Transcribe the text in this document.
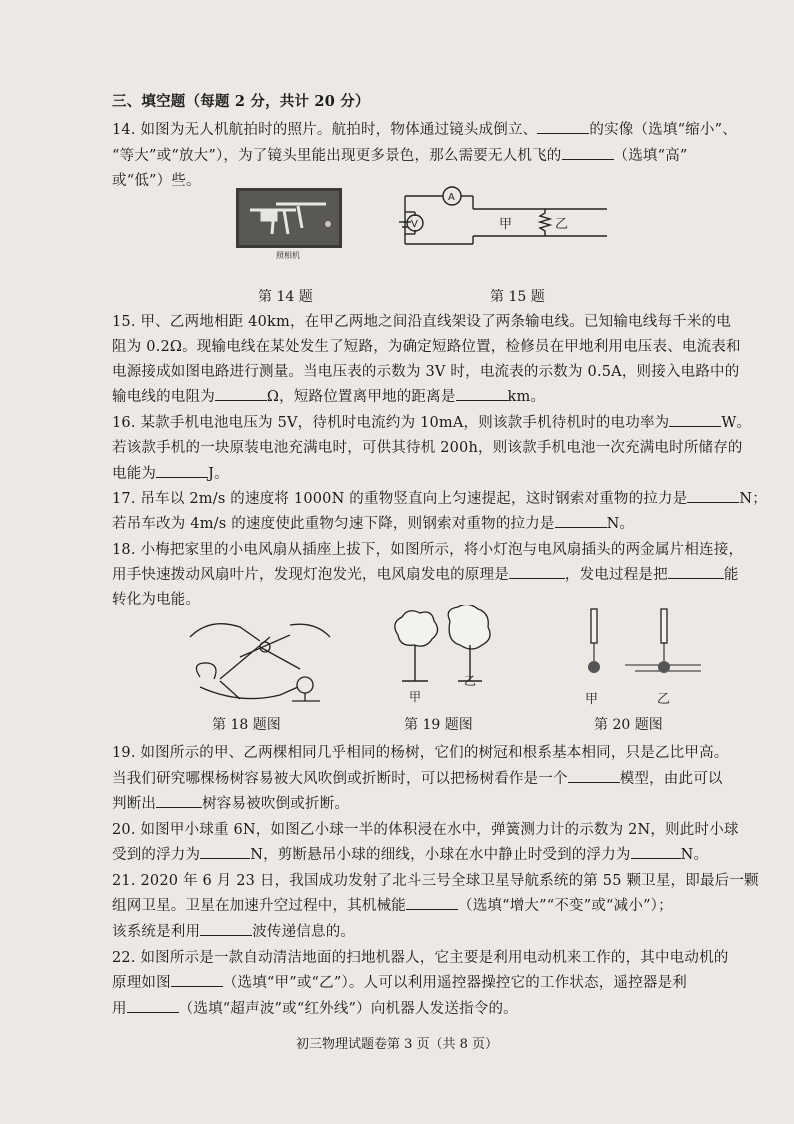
三、填空题（每题 2 分，共计 20 分）
14. 如图为无人机航拍时的照片。航拍时，物体通过镜头成倒立、	的实像（选填“缩小”、
“等大”或“放大”），为了镜头里能出现更多景色，那么需要无人机飞的	（选填“高”
或“低”）些。
照相机
A
V	甲	乙
第 14 题	第 15 题
15. 甲、乙两地相距 40km，在甲乙两地之间沿直线架设了两条输电线。已知输电线每千米的电
阻为 0.2Ω。现输电线在某处发生了短路，为确定短路位置，检修员在甲地利用电压表、电流表和
电源接成如图电路进行测量。当电压表的示数为 3V 时，电流表的示数为 0.5A，则接入电路中的
输电线的电阻为	Ω，短路位置离甲地的距离是	km。
16. 某款手机电池电压为 5V，待机时电流约为 10mA，则该款手机待机时的电功率为	W。
若该款手机的一块原装电池充满电时，可供其待机 200h，则该款手机电池一次充满电时所储存的
电能为	J。
17. 吊车以 2m/s 的速度将 1000N 的重物竖直向上匀速提起，这时钢索对重物的拉力是	N；
若吊车改为 4m/s 的速度使此重物匀速下降，则钢索对重物的拉力是	N。
18. 小梅把家里的小电风扇从插座上拔下，如图所示，将小灯泡与电风扇插头的两金属片相连接，
用手快速拨动风扇叶片，发现灯泡发光，电风扇发电的原理是	，发电过程是把	能
转化为电能。
甲
乙
甲	乙
第 18 题图	第 19 题图	第 20 题图
19. 如图所示的甲、乙两棵相同几乎相同的杨树，它们的树冠和根系基本相同，只是乙比甲高。
当我们研究哪棵杨树容易被大风吹倒或折断时，可以把杨树看作是一个	模型，由此可以
判断出	树容易被吹倒或折断。
20. 如图甲小球重 6N，如图乙小球一半的体积浸在水中，弹簧测力计的示数为 2N，则此时小球
受到的浮力为	N，剪断悬吊小球的细线，小球在水中静止时受到的浮力为	N。
21. 2020 年 6 月 23 日，我国成功发射了北斗三号全球卫星导航系统的第 55 颗卫星，即最后一颗
组网卫星。卫星在加速升空过程中，其机械能	（选填“增大”“不变”或“减小”）；
该系统是利用	波传递信息的。
22. 如图所示是一款自动清洁地面的扫地机器人，它主要是利用电动机来工作的，其中电动机的
原理如图	（选填“甲”或“乙”）。人可以利用遥控器操控它的工作状态，遥控器是利
用	（选填“超声波”或“红外线”）向机器人发送指令的。
初三物理试题卷第 3 页（共 8 页）
